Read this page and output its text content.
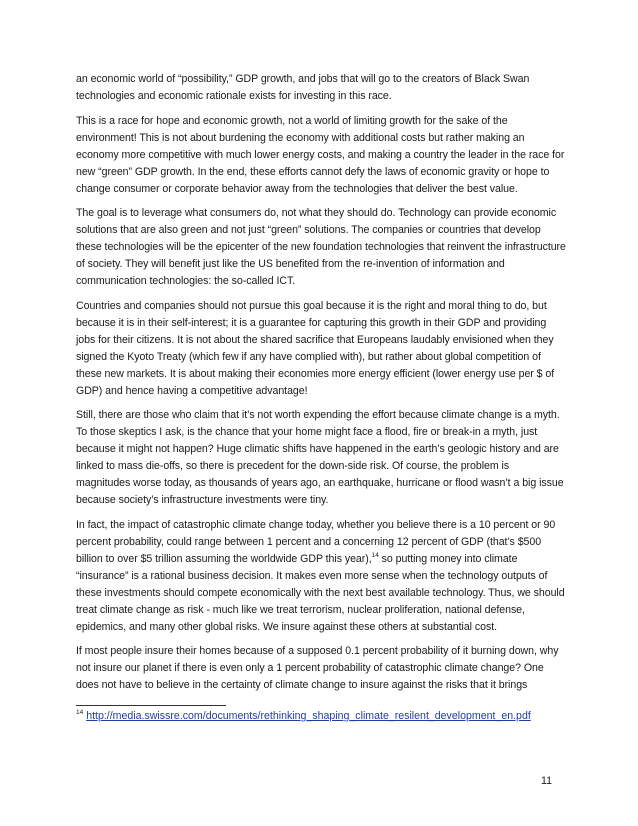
an economic world of “possibility,” GDP growth, and jobs that will go to the creators of Black Swan technologies and economic rationale exists for investing in this race.

This is a race for hope and economic growth, not a world of limiting growth for the sake of the environment! This is not about burdening the economy with additional costs but rather making an economy more competitive with much lower energy costs, and making a country the leader in the race for new “green” GDP growth. In the end, these efforts cannot defy the laws of economic gravity or hope to change consumer or corporate behavior away from the technologies that deliver the best value.

The goal is to leverage what consumers do, not what they should do. Technology can provide economic solutions that are also green and not just “green” solutions. The companies or countries that develop these technologies will be the epicenter of the new foundation technologies that reinvent the infrastructure of society. They will benefit just like the US benefited from the re-invention of information and communication technologies: the so-called ICT.

Countries and companies should not pursue this goal because it is the right and moral thing to do, but because it is in their self-interest; it is a guarantee for capturing this growth in their GDP and providing jobs for their citizens. It is not about the shared sacrifice that Europeans laudably envisioned when they signed the Kyoto Treaty (which few if any have complied with), but rather about global competition of these new markets. It is about making their economies more energy efficient (lower energy use per $ of GDP) and hence having a competitive advantage!

Still, there are those who claim that it’s not worth expending the effort because climate change is a myth. To those skeptics I ask, is the chance that your home might face a flood, fire or break-in a myth, just because it might not happen? Huge climatic shifts have happened in the earth’s geologic history and are linked to mass die-offs, so there is precedent for the down-side risk. Of course, the problem is magnitudes worse today, as thousands of years ago, an earthquake, hurricane or flood wasn’t a big issue because society’s infrastructure investments were tiny.

In fact, the impact of catastrophic climate change today, whether you believe there is a 10 percent or 90 percent probability, could range between 1 percent and a concerning 12 percent of GDP (that’s $500 billion to over $5 trillion assuming the worldwide GDP this year),$^{14}$ so putting money into climate “insurance” is a rational business decision. It makes even more sense when the technology outputs of these investments should compete economically with the next best available technology. Thus, we should treat climate change as risk - much like we treat terrorism, nuclear proliferation, national defense, epidemics, and many other global risks. We insure against these others at substantial cost.

If most people insure their homes because of a supposed 0.1 percent probability of it burning down, why not insure our planet if there is even only a 1 percent probability of catastrophic climate change? One does not have to believe in the certainty of climate change to insure against the risks that it brings

$^{14}$ http://media.swissre.com/documents/rethinking_shaping_climate_resilent_development_en.pdf
11
